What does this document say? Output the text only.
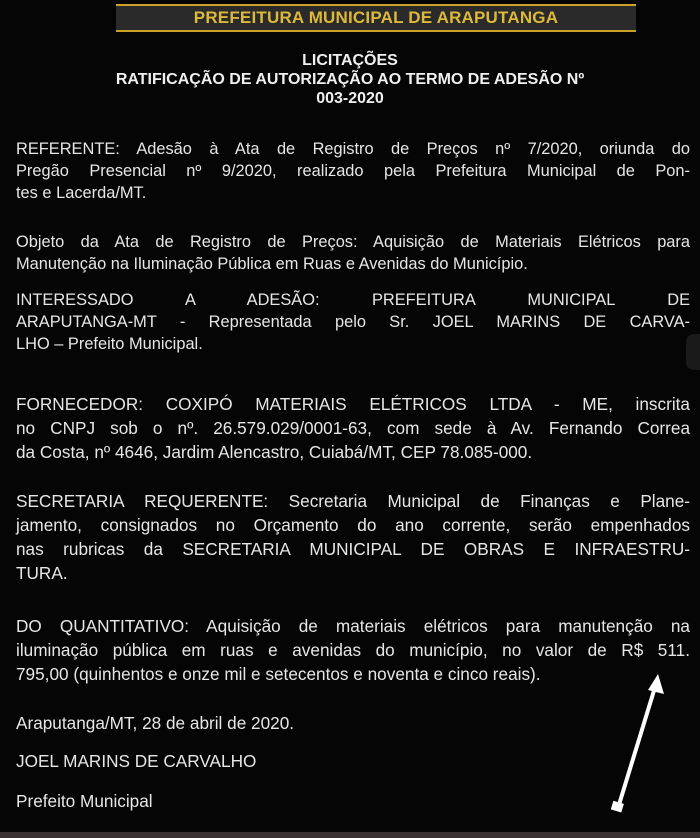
PREFEITURA MUNICIPAL DE ARAPUTANGA
LICITAÇÕES
RATIFICAÇÃO DE AUTORIZAÇÃO AO TERMO DE ADESÃO Nº
003-2020
REFERENTE: Adesão à Ata de Registro de Preços nº 7/2020, oriunda do
Pregão Presencial nº 9/2020, realizado pela Prefeitura Municipal de Pon-
tes e Lacerda/MT.
Objeto da Ata de Registro de Preços: Aquisição de Materiais Elétricos para
Manutenção na Iluminação Pública em Ruas e Avenidas do Município.
INTERESSADO A ADESÃO: PREFEITURA MUNICIPAL DE
ARAPUTANGA-MT - Representada pelo Sr. JOEL MARINS DE CARVA-
LHO – Prefeito Municipal.
FORNECEDOR: COXIPÓ MATERIAIS ELÉTRICOS LTDA - ME, inscrita
no CNPJ sob o nº. 26.579.029/0001-63, com sede à Av. Fernando Correa
da Costa, nº 4646, Jardim Alencastro, Cuiabá/MT, CEP 78.085-000.
SECRETARIA REQUERENTE: Secretaria Municipal de Finanças e Plane-
jamento, consignados no Orçamento do ano corrente, serão empenhados
nas rubricas da SECRETARIA MUNICIPAL DE OBRAS E INFRAESTRU-
TURA.
DO QUANTITATIVO: Aquisição de materiais elétricos para manutenção na
iluminação pública em ruas e avenidas do município, no valor de R$ 511.
795,00 (quinhentos e onze mil e setecentos e noventa e cinco reais).
Araputanga/MT, 28 de abril de 2020.
JOEL MARINS DE CARVALHO
Prefeito Municipal
